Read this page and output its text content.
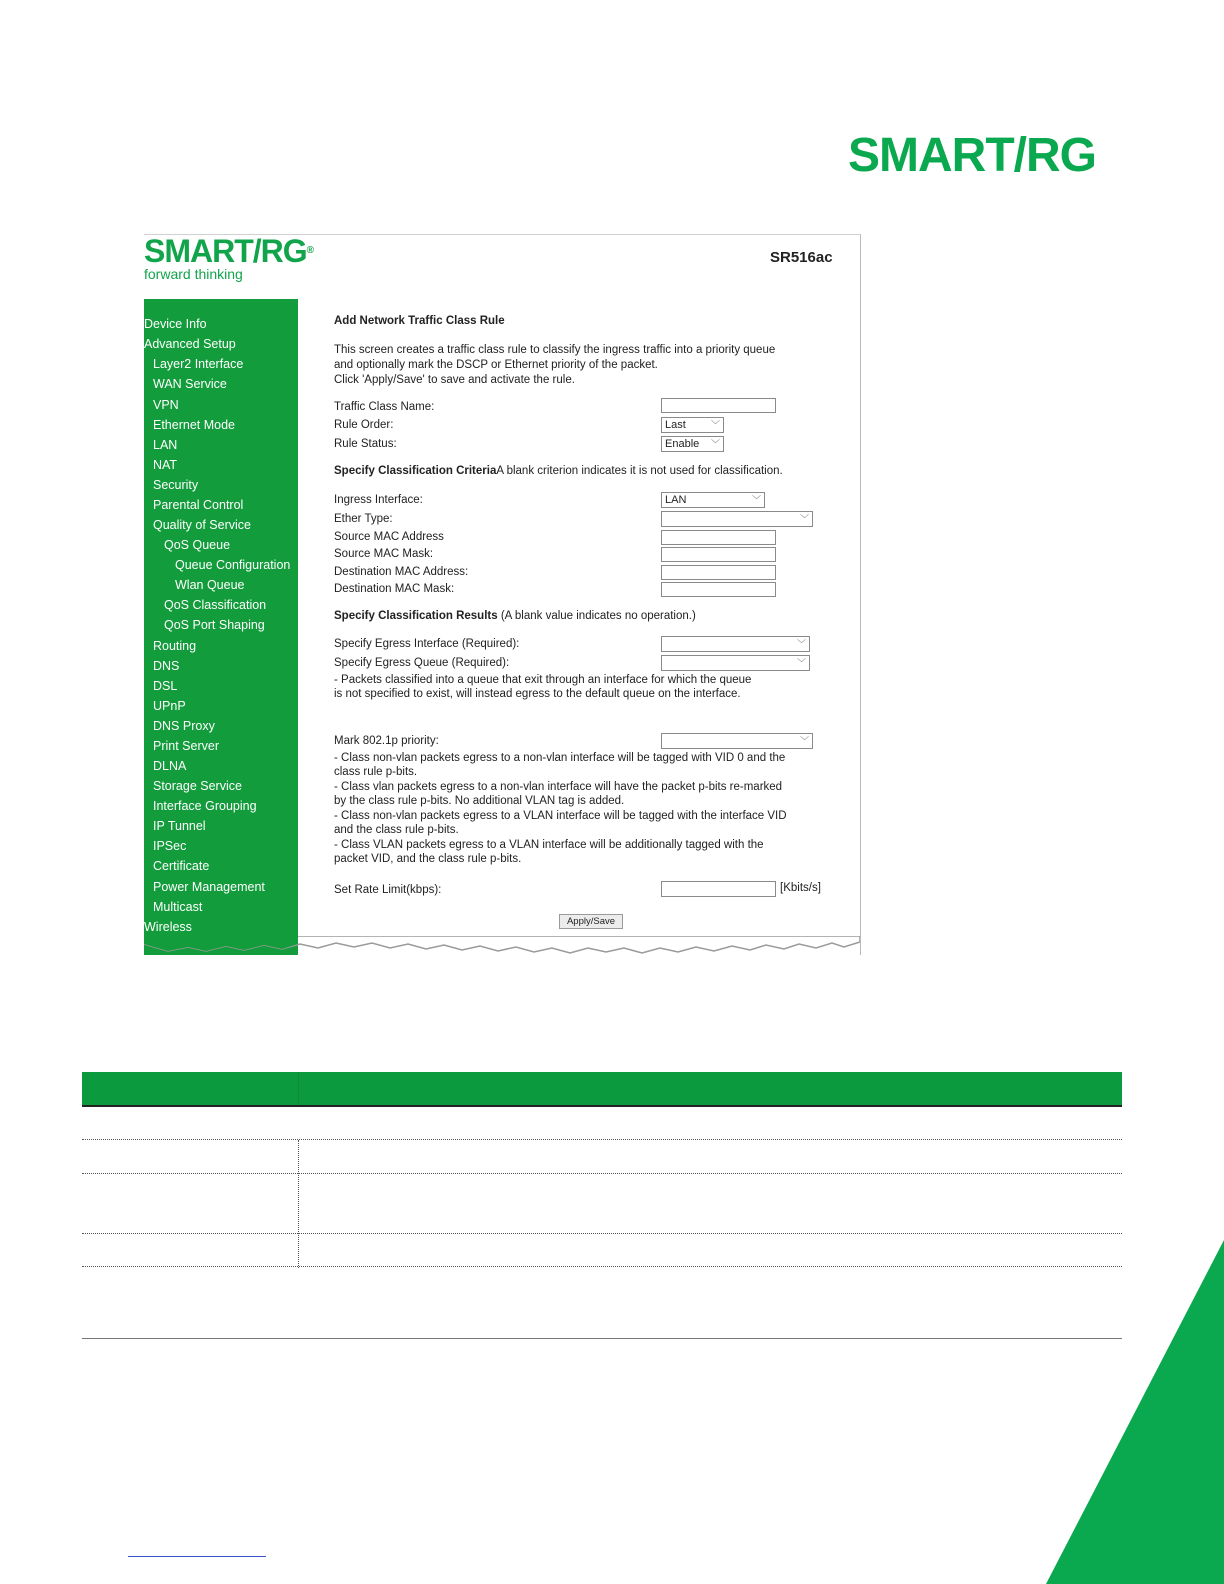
SMART/RG
SMART/RG®
forward thinking
SR516ac
Device Info
Advanced Setup
Layer2 Interface
WAN Service
VPN
Ethernet Mode
LAN
NAT
Security
Parental Control
Quality of Service
QoS Queue
Queue Configuration
Wlan Queue
QoS Classification
QoS Port Shaping
Routing
DNS
DSL
UPnP
DNS Proxy
Print Server
DLNA
Storage Service
Interface Grouping
IP Tunnel
IPSec
Certificate
Power Management
Multicast
Wireless
Add Network Traffic Class Rule
This screen creates a traffic class rule to classify the ingress traffic into a priority queue
and optionally mark the DSCP or Ethernet priority of the packet.
Click 'Apply/Save' to save and activate the rule.
Traffic Class Name:
Rule Order:	Last	﹀
Rule Status:	Enable ﹀
Specify Classification CriteriaA blank criterion indicates it is not used for classification.
Ingress Interface:	LAN	﹀
Ether Type:	﹀
Source MAC Address
Source MAC Mask:
Destination MAC Address:
Destination MAC Mask:
Specify Classification Results (A blank value indicates no operation.)
Specify Egress Interface (Required):	﹀
Specify Egress Queue (Required):	﹀
- Packets classified into a queue that exit through an interface for which the queue
is not specified to exist, will instead egress to the default queue on the interface.
Mark 802.1p priority:	﹀
- Class non-vlan packets egress to a non-vlan interface will be tagged with VID 0 and the
class rule p-bits.
- Class vlan packets egress to a non-vlan interface will have the packet p-bits re-marked
by the class rule p-bits. No additional VLAN tag is added.
- Class non-vlan packets egress to a VLAN interface will be tagged with the interface VID
and the class rule p-bits.
- Class VLAN packets egress to a VLAN interface will be additionally tagged with the
packet VID, and the class rule p-bits.
Set Rate Limit(kbps):	[Kbits/s]
Apply/Save
